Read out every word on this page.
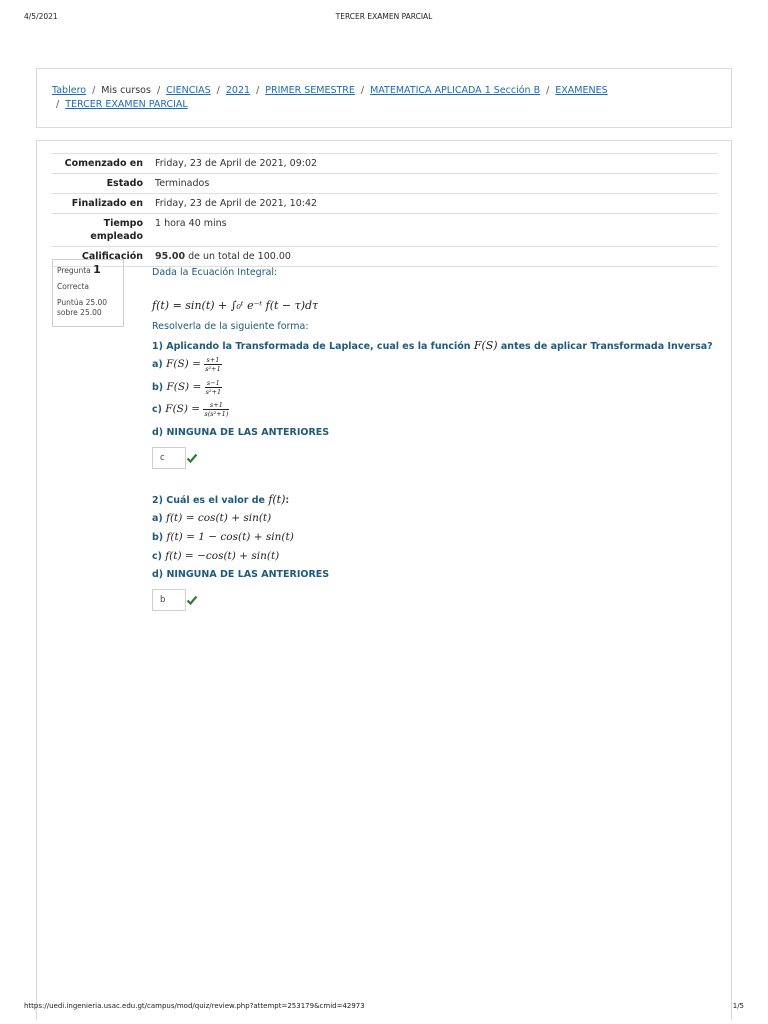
4/5/2021	TERCER EXAMEN PARCIAL
Tablero / Mis cursos / CIENCIAS / 2021 / PRIMER SEMESTRE / MATEMATICA APLICADA 1 Sección B / EXAMENES
/ TERCER EXAMEN PARCIAL
Comenzado en	Friday, 23 de April de 2021, 09:02
Estado	Terminados
Finalizado en	Friday, 23 de April de 2021, 10:42
Tiempo
empleado	1 hora 40 mins
Calificación	95.00 de un total de 100.00
Pregunta 1
Correcta
Puntúa 25.00
sobre 25.00
Dada la Ecuación Integral:
f(t) = sin(t) + ∫₀ᵗ e⁻ᵗ f(t − τ)dτ
Resolverla de la siguiente forma:
1) Aplicando la Transformada de Laplace, cual es la función F(S) antes de aplicar Transformada Inversa?
a) $F(S) = \frac{s+1}{\text{s²+1}}$
b) $F(S) = \frac{s-1}{\text{s²+1}}$
c) $F(S) = \frac{s+1}{\text{s(s²+1)}}$
d) NINGUNA DE LAS ANTERIORES
c
2) Cuál es el valor de f(t):
a) f(t) = cos(t) + sin(t)
b) f(t) = 1 − cos(t) + sin(t)
c) f(t) = −cos(t) + sin(t)
d) NINGUNA DE LAS ANTERIORES
b
https://uedi.ingenieria.usac.edu.gt/campus/mod/quiz/review.php?attempt=253179&cmid=42973	1/5
